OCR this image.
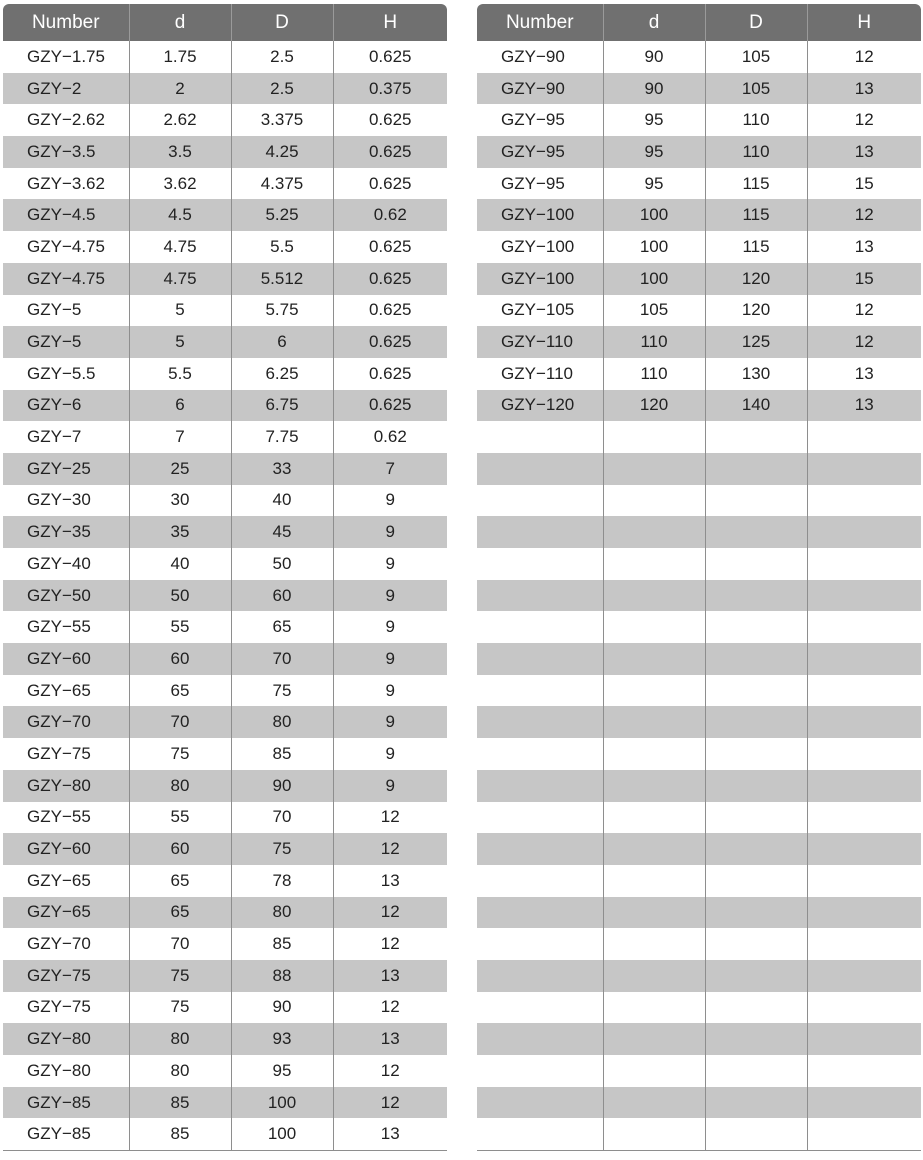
Number	d	D	H
GZY−1.75	1.75	2.5	0.625
GZY−2	2	2.5	0.375
GZY−2.62	2.62	3.375	0.625
GZY−3.5	3.5	4.25	0.625
GZY−3.62	3.62	4.375	0.625
GZY−4.5	4.5	5.25	0.62
GZY−4.75	4.75	5.5	0.625
GZY−4.75	4.75	5.512	0.625
GZY−5	5	5.75	0.625
GZY−5	5	6	0.625
GZY−5.5	5.5	6.25	0.625
GZY−6	6	6.75	0.625
GZY−7	7	7.75	0.62
GZY−25	25	33	7
GZY−30	30	40	9
GZY−35	35	45	9
GZY−40	40	50	9
GZY−50	50	60	9
GZY−55	55	65	9
GZY−60	60	70	9
GZY−65	65	75	9
GZY−70	70	80	9
GZY−75	75	85	9
GZY−80	80	90	9
GZY−55	55	70	12
GZY−60	60	75	12
GZY−65	65	78	13
GZY−65	65	80	12
GZY−70	70	85	12
GZY−75	75	88	13
GZY−75	75	90	12
GZY−80	80	93	13
GZY−80	80	95	12
GZY−85	85	100	12
GZY−85	85	100	13
Number	d	D	H
GZY−90	90	105	12
GZY−90	90	105	13
GZY−95	95	110	12
GZY−95	95	110	13
GZY−95	95	115	15
GZY−100	100	115	12
GZY−100	100	115	13
GZY−100	100	120	15
GZY−105	105	120	12
GZY−110	110	125	12
GZY−110	110	130	13
GZY−120	120	140	13
